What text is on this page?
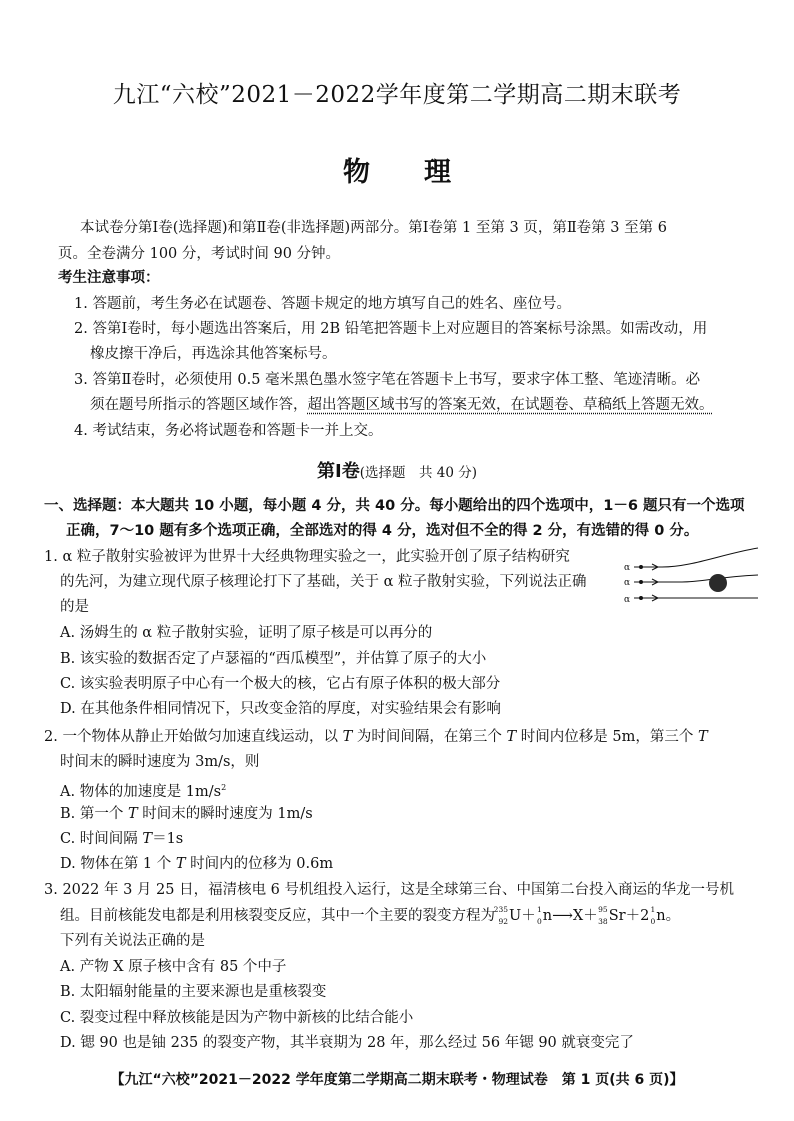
九江“六校”2021－2022学年度第二学期高二期末联考
物 理
本试卷分第Ⅰ卷(选择题)和第Ⅱ卷(非选择题)两部分。第Ⅰ卷第 1 至第 3 页，第Ⅱ卷第 3 至第 6
页。全卷满分 100 分，考试时间 90 分钟。
考生注意事项：
1. 答题前，考生务必在试题卷、答题卡规定的地方填写自己的姓名、座位号。
2. 答第Ⅰ卷时，每小题选出答案后，用 2B 铅笔把答题卡上对应题目的答案标号涂黑。如需改动，用
橡皮擦干净后，再选涂其他答案标号。
3. 答第Ⅱ卷时，必须使用 0.5 毫米黑色墨水签字笔在答题卡上书写，要求字体工整、笔迹清晰。必
须在题号所指示的答题区域作答，超出答题区域书写的答案无效，在试题卷、草稿纸上答题无效。
4. 考试结束，务必将试题卷和答题卡一并上交。
第Ⅰ卷(选择题　共 40 分)
一、选择题：本大题共 10 小题，每小题 4 分，共 40 分。每小题给出的四个选项中，1－6 题只有一个选项
正确，7～10 题有多个选项正确，全部选对的得 4 分，选对但不全的得 2 分，有选错的得 0 分。
1. α 粒子散射实验被评为世界十大经典物理实验之一，此实验开创了原子结构研究
的先河，为建立现代原子核理论打下了基础，关于 α 粒子散射实验，下列说法正确
的是
A. 汤姆生的 α 粒子散射实验，证明了原子核是可以再分的
B. 该实验的数据否定了卢瑟福的“西瓜模型”，并估算了原子的大小
C. 该实验表明原子中心有一个极大的核，它占有原子体积的极大部分
D. 在其他条件相同情况下，只改变金箔的厚度，对实验结果会有影响
α
α
α
2. 一个物体从静止开始做匀加速直线运动，以 T 为时间间隔，在第三个 T 时间内位移是 5m，第三个 T
时间末的瞬时速度为 3m/s，则
A. 物体的加速度是 $1m/s^2$
B. 第一个 T 时间末的瞬时速度为 1m/s
C. 时间间隔 T＝1s
D. 物体在第 1 个 T 时间内的位移为 0.6m
3. 2022 年 3 月 25 日，福清核电 6 号机组投入运行，这是全球第三台、中国第二台投入商运的华龙一号机
组。目前核能发电都是利用核裂变反应，其中一个主要的裂变方程为
235
92 U＋ 1
0 n⟶X＋ 95
38 Sr＋2 1
0 n。
下列有关说法正确的是
A. 产物 X 原子核中含有 85 个中子
B. 太阳辐射能量的主要来源也是重核裂变
C. 裂变过程中释放核能是因为产物中新核的比结合能小
D. 锶 90 也是铀 235 的裂变产物，其半衰期为 28 年，那么经过 56 年锶 90 就衰变完了
【九江“六校”2021－2022 学年度第二学期高二期末联考・物理试卷　第 1 页(共 6 页)】
